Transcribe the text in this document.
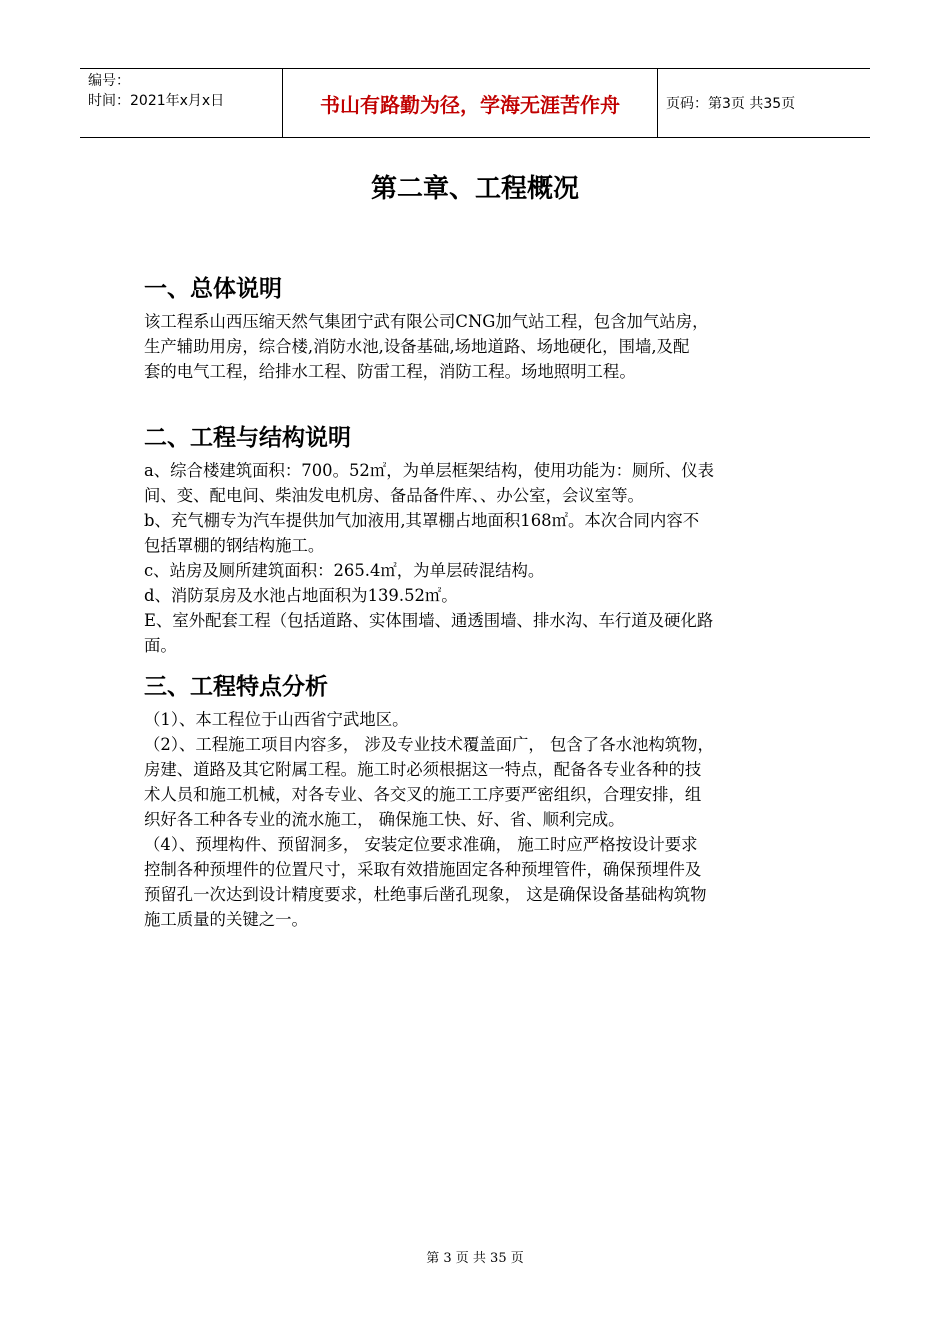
编号：
时间：2021年x月x日	书山有路勤为径，学海无涯苦作舟	页码：第3页 共35页
第二章、工程概况
一、总体说明

该工程系山西压缩天然气集团宁武有限公司CNG加气站工程，包含加气站房，

生产辅助用房，综合楼,消防水池,设备基础,场地道路、场地硬化，围墙,及配

套的电气工程，给排水工程、防雷工程，消防工程。场地照明工程。

二、工程与结构说明

a、综合楼建筑面积：700。52㎡，为单层框架结构，使用功能为：厕所、仪表

间、变、配电间、柴油发电机房、备品备件库、、办公室，会议室等。

b、充气棚专为汽车提供加气加液用,其罩棚占地面积168㎡。本次合同内容不

包括罩棚的钢结构施工。

c、站房及厕所建筑面积：265.4㎡，为单层砖混结构。

d、消防泵房及水池占地面积为139.52㎡。

E、室外配套工程（包括道路、实体围墙、通透围墙、排水沟、车行道及硬化路

面。

三、工程特点分析

（1）、本工程位于山西省宁武地区。

（2）、工程施工项目内容多， 涉及专业技术覆盖面广， 包含了各水池构筑物，

房建、道路及其它附属工程。施工时必须根据这一特点，配备各专业各种的技

术人员和施工机械，对各专业、各交叉的施工工序要严密组织，合理安排，组

织好各工种各专业的流水施工， 确保施工快、好、省、顺利完成。

（4）、预埋构件、预留洞多， 安装定位要求准确， 施工时应严格按设计要求

控制各种预埋件的位置尺寸，采取有效措施固定各种预埋管件，确保预埋件及

预留孔一次达到设计精度要求，杜绝事后凿孔现象， 这是确保设备基础构筑物

施工质量的关键之一。

第 3 页 共 35 页
